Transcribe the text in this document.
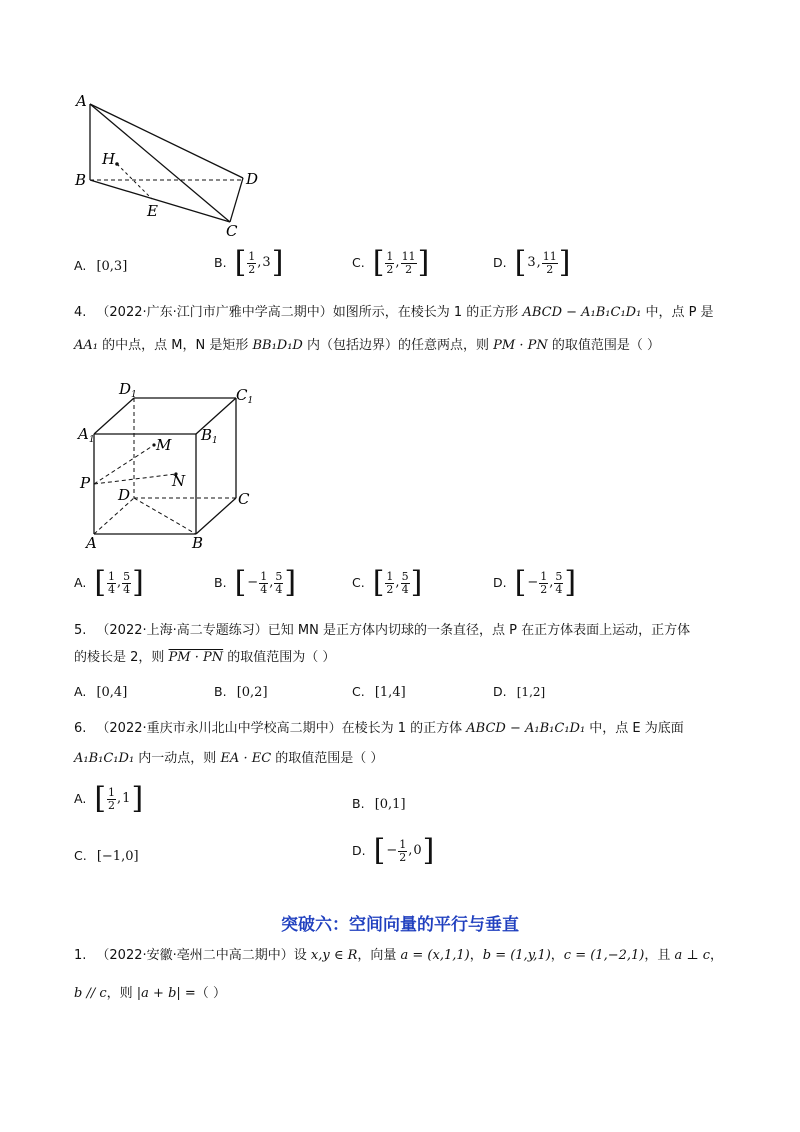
A
B
H
E
D
C
A. [0,3]	B. [ $\frac{1}{2}$ , 3 ]	C. [ $\frac{1}{2}$ , $\frac{11}{2}$ ]	D. [ 3 , $\frac{11}{2}$ ]
4. （2022·广东·江门市广雅中学高二期中）如图所示，在棱长为 1 的正方形 ABCD − A₁B₁C₁D₁ 中，点 P 是
AA₁ 的中点，点 M，N 是矩形 BB₁D₁D 内（包括边界）的任意两点，则 PM · PN 的取值范围是（ ）
$D_1$	$C_1$
$A_1$	$B_1$
M
N
P
D	C
A	B
A. [ $\frac{1}{4}$ , $\frac{5}{4}$ ]	B. [ − $\frac{1}{4}$ , $\frac{5}{4}$ ]	C. [ $\frac{1}{2}$ , $\frac{5}{4}$ ]	D. [ − $\frac{1}{2}$ , $\frac{5}{4}$ ]
5. （2022·上海·高二专题练习）已知 MN 是正方体内切球的一条直径，点 P 在正方体表面上运动，正方体
的棱长是 2，则 PM · PN 的取值范围为（ ）
A. [0,4]	B. [0,2]	C. [1,4]	D. [1,2]
6. （2022·重庆市永川北山中学校高二期中）在棱长为 1 的正方体 ABCD − A₁B₁C₁D₁ 中，点 E 为底面
A₁B₁C₁D₁ 内一动点，则 EA · EC 的取值范围是（ ）
A. [ $\frac{1}{2}$ , 1 ]	B. [0,1]
C. [−1,0]	D. [ − $\frac{1}{2}$ , 0 ]
突破六：空间向量的平行与垂直
1. （2022·安徽·亳州二中高二期中）设 x,y ∈ R，向量 a = (x,1,1)，b = (1,y,1)，c = (1,−2,1)，且 a ⊥ c，
b // c，则 |a + b| =（ ）
